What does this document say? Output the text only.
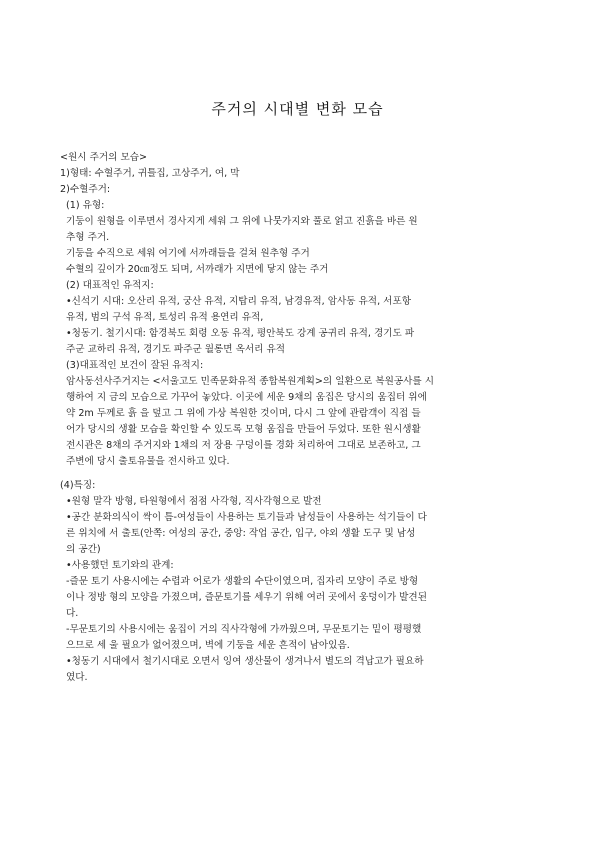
주거의 시대별 변화 모습
<원시 주거의 모습>
1)형태: 수혈주거, 귀틀집, 고상주거, 여, 막
2)수혈주거:
(1) 유형:
기둥이 원형을 이루면서 경사지게 세워 그 위에 나뭇가지와 풀로 얽고 진흙을 바른 원
추형 주거.
기둥을 수직으로 세워 여기에 서까래들을 걸쳐 원추형 주거
수혈의 깊이가 20㎝정도 되며, 서까래가 지면에 닿지 않는 주거
(2) 대표적인 유적지:
•신석기 시대: 오산리 유적, 궁산 유적, 지탑리 유적, 남경유적, 암사동 유적, 서포항
유적, 범의 구석 유적, 토성리 유적 용연리 유적,
•청동기. 철기시대: 함경북도 회령 오동 유적, 평안북도 강계 공귀리 유적, 경기도 파
주군 교하리 유적, 경기도 파주군 월롱면 옥서리 유적
(3)대표적인 보건이 잘된 유적지:
암사동선사주거지는 <서울고도 민족문화유적 종합복원계획>의 일환으로 복원공사를 시
행하여 지 금의 모습으로 가꾸어 놓았다. 이곳에 세운 9채의 움집은 당시의 움집터 위에
약 2m 두께로 흙 을 덮고 그 위에 가상 복원한 것이며, 다시 그 앞에 관람객이 직접 들
어가 당시의 생활 모습을 확인할 수 있도록 모형 움집을 만들어 두었다. 또한 원시생활
전시관은 8채의 주거지와 1채의 저 장용 구덩이를 경화 처리하여 그대로 보존하고, 그
주변에 당시 출토유물을 전시하고 있다.
(4)특징:
•원형 말각 방형, 타원형에서 점점 사각형, 직사각형으로 발전
•공간 분화의식이 싹이 틈-여성들이 사용하는 토기들과 남성들이 사용하는 석기들이 다
른 위치에 서 출토(안쪽: 여성의 공간, 중앙: 작업 공간, 입구, 야외 생활 도구 및 남성
의 공간)
•사용했던 토기와의 관계:
-즐문 토기 사용시에는 수렵과 어로가 생활의 수단이였으며, 집자리 모양이 주로 방형
이나 정방 형의 모양을 가졌으며, 즐문토기를 세우기 위해 여러 곳에서 웅덩이가 발견된
다.
-무문토기의 사용시에는 움집이 거의 직사각형에 가까웠으며, 무문토기는 밑이 평평했
으므로 세 울 필요가 없어졌으며, 벽에 기둥을 세운 흔적이 남아있음.
•청동기 시대에서 철기시대로 오면서 잉여 생산물이 생겨나서 별도의 격납고가 필요하
였다.
